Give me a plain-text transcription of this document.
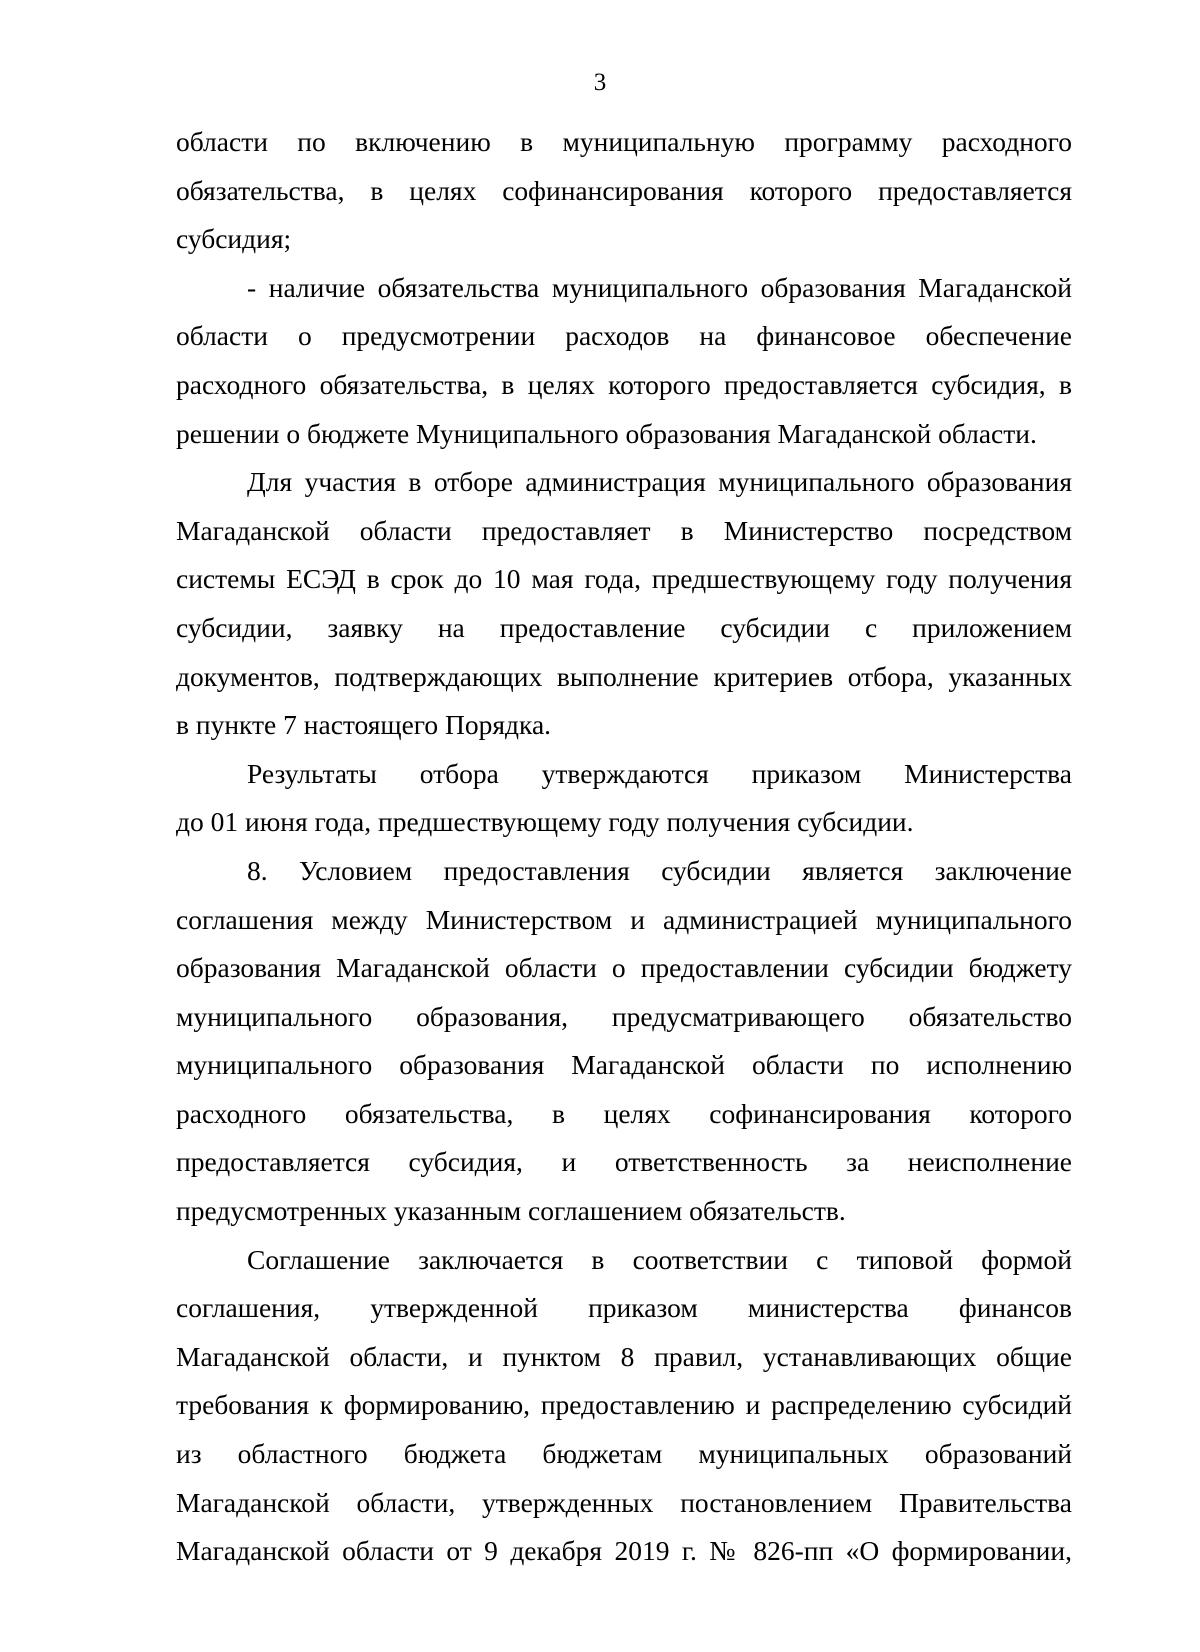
3
области по включению в муниципальную программу расходного
обязательства, в целях софинансирования которого предоставляется
субсидия;
- наличие обязательства муниципального образования Магаданской
области о предусмотрении расходов на финансовое обеспечение
расходного обязательства, в целях которого предоставляется субсидия, в
решении о бюджете Муниципального образования Магаданской области.
Для участия в отборе администрация муниципального образования
Магаданской области предоставляет в Министерство посредством
системы ЕСЭД в срок до 10 мая года, предшествующему году получения
субсидии, заявку на предоставление субсидии с приложением
документов, подтверждающих выполнение критериев отбора, указанных
в пункте 7 настоящего Порядка.
Результаты отбора утверждаются приказом Министерства
до 01 июня года, предшествующему году получения субсидии.
8. Условием предоставления субсидии является заключение
соглашения между Министерством и администрацией муниципального
образования Магаданской области о предоставлении субсидии бюджету
муниципального образования, предусматривающего обязательство
муниципального образования Магаданской области по исполнению
расходного обязательства, в целях софинансирования которого
предоставляется субсидия, и ответственность за неисполнение
предусмотренных указанным соглашением обязательств.
Соглашение заключается в соответствии с типовой формой
соглашения, утвержденной приказом министерства финансов
Магаданской области, и пунктом 8 правил, устанавливающих общие
требования к формированию, предоставлению и распределению субсидий
из областного бюджета бюджетам муниципальных образований
Магаданской области, утвержденных постановлением Правительства
Магаданской области от 9 декабря 2019 г. № 826-пп «О формировании,
